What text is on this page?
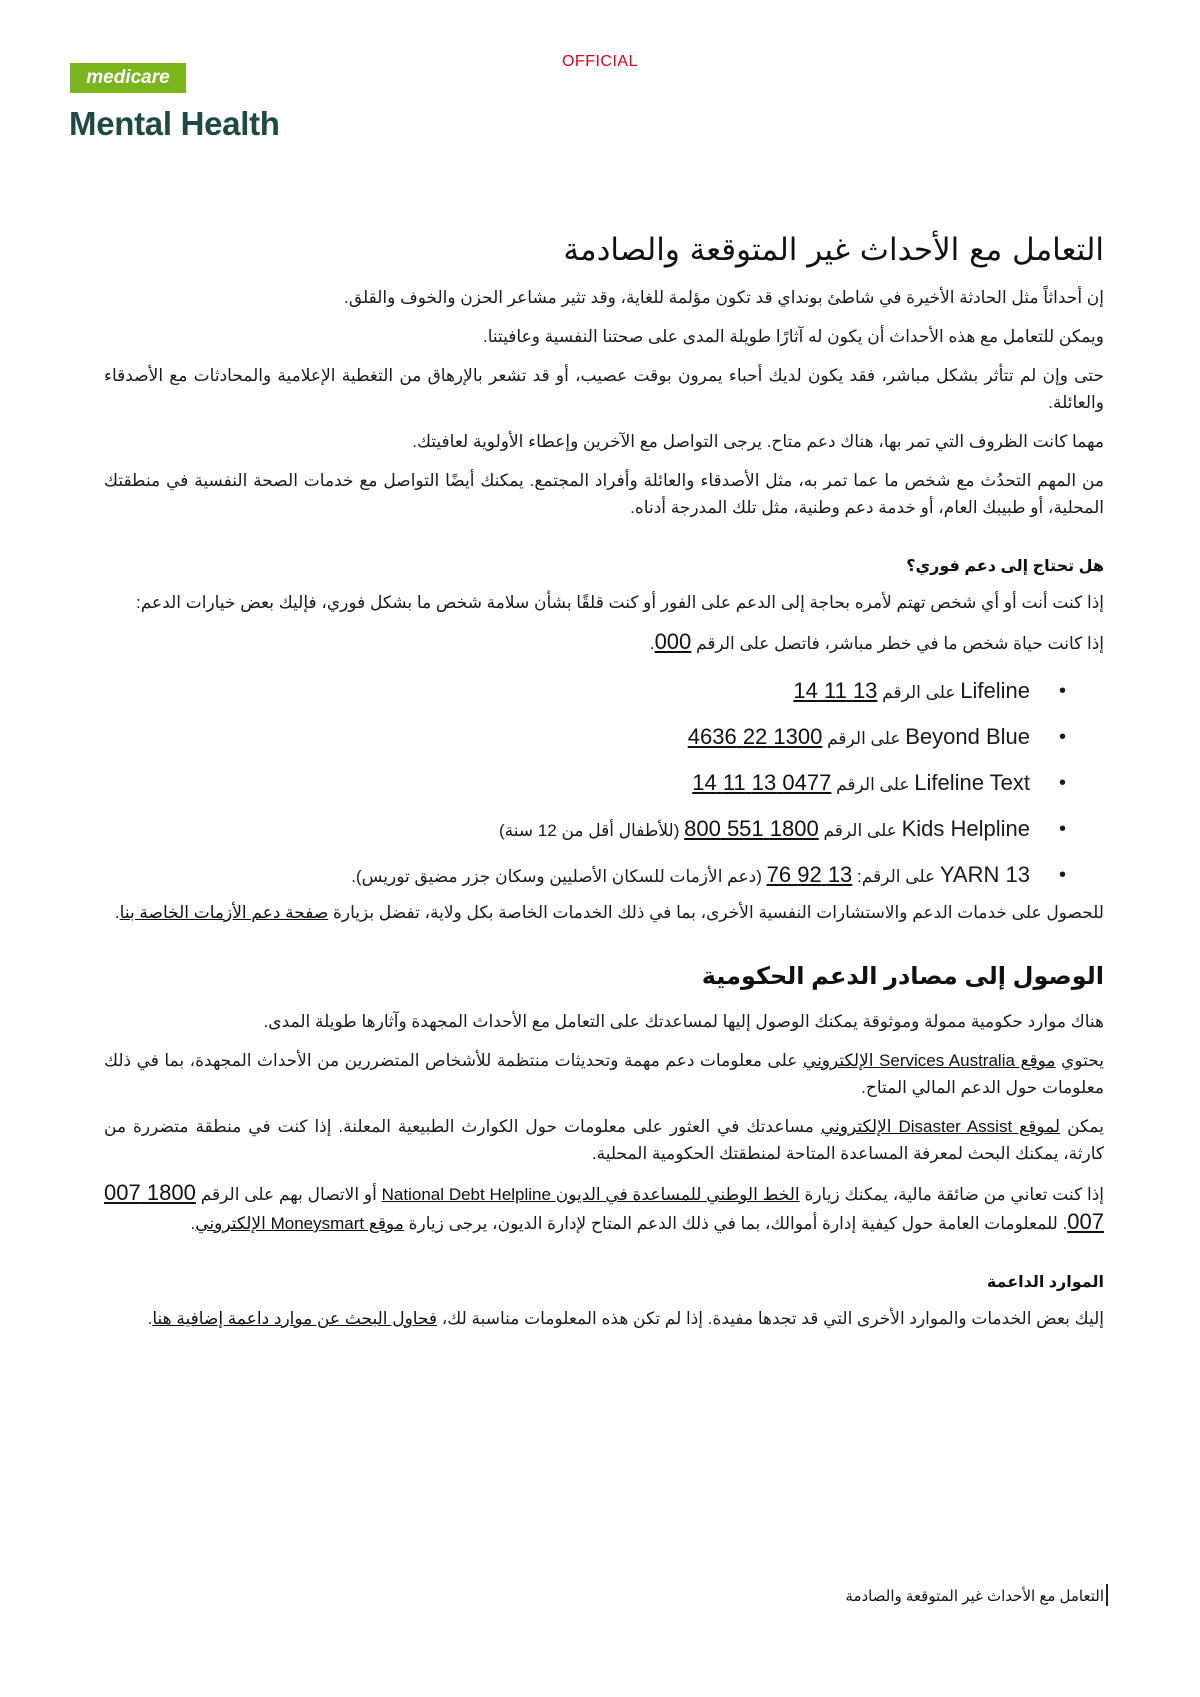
OFFICIAL
medicare
Mental Health
التعامل مع الأحداث غير المتوقعة والصادمة

إن أحداثاً مثل الحادثة الأخيرة في شاطئ بونداي قد تكون مؤلمة للغاية، وقد تثير مشاعر الحزن والخوف والقلق.

ويمكن للتعامل مع هذه الأحداث أن يكون له آثارًا طويلة المدى على صحتنا النفسية وعافيتنا.

حتى وإن لم تتأثر بشكل مباشر، فقد يكون لديك أحباء يمرون بوقت عصيب، أو قد تشعر بالإرهاق من التغطية الإعلامية والمحادثات مع الأصدقاء والعائلة.

مهما كانت الظروف التي تمر بها، هناك دعم متاح. يرجى التواصل مع الآخرين وإعطاء الأولوية لعافيتك.

من المهم التحدُث مع شخص ما عما تمر به، مثل الأصدقاء والعائلة وأفراد المجتمع. يمكنك أيضًا التواصل مع خدمات الصحة النفسية في منطقتك المحلية، أو طبيبك العام، أو خدمة دعم وطنية، مثل تلك المدرجة أدناه.

هل تحتاج إلى دعم فوري؟

إذا كنت أنت أو أي شخص تهتم لأمره بحاجة إلى الدعم على الفور أو كنت قلقًا بشأن سلامة شخص ما بشكل فوري، فإليك بعض خيارات الدعم:

إذا كانت حياة شخص ما في خطر مباشر، فاتصل على الرقم 000.

• Lifeline على الرقم 13 11 14
• Beyond Blue على الرقم 1300 22 4636
• Lifeline Text على الرقم 0477 13 11 14
• Kids Helpline على الرقم 1800 551 800 (للأطفال أقل من 12 سنة)
• 13 YARN على الرقم: 13 92 76 (دعم الأزمات للسكان الأصليين وسكان جزر مضيق توريس).

للحصول على خدمات الدعم والاستشارات النفسية الأخرى، بما في ذلك الخدمات الخاصة بكل ولاية، تفضل بزيارة صفحة دعم الأزمات الخاصة بنا.

الوصول إلى مصادر الدعم الحكومية

هناك موارد حكومية ممولة وموثوقة يمكنك الوصول إليها لمساعدتك على التعامل مع الأحداث المجهدة وآثارها طويلة المدى.

يحتوي موقع Services Australia الإلكتروني على معلومات دعم مهمة وتحديثات منتظمة للأشخاص المتضررين من الأحداث المجهدة، بما في ذلك معلومات حول الدعم المالي المتاح.

يمكن لموقع Disaster Assist الإلكتروني مساعدتك في العثور على معلومات حول الكوارث الطبيعية المعلنة. إذا كنت في منطقة متضررة من كارثة، يمكنك البحث لمعرفة المساعدة المتاحة لمنطقتك الحكومية المحلية.

إذا كنت تعاني من ضائقة مالية، يمكنك زيارة الخط الوطني للمساعدة في الديون National Debt Helpline أو الاتصال بهم على الرقم 1800 007 007. للمعلومات العامة حول كيفية إدارة أموالك، بما في ذلك الدعم المتاح لإدارة الديون، يرجى زيارة موقع Moneysmart الإلكتروني.

الموارد الداعمة

إليك بعض الخدمات والموارد الأخرى التي قد تجدها مفيدة. إذا لم تكن هذه المعلومات مناسبة لك، فحاول البحث عن موارد داعمة إضافية هنا.

التعامل مع الأحداث غير المتوقعة والصادمة
